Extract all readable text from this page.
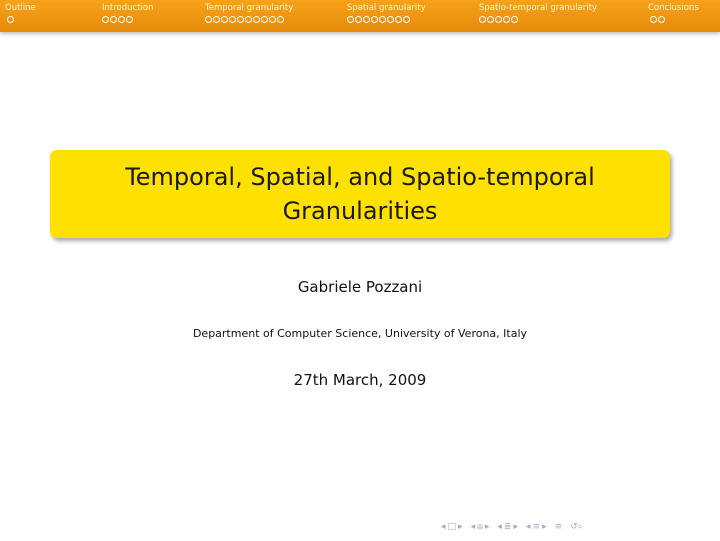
Outline	Introduction	Temporal granularity	Spatial granularity	Spatio-temporal granularity	Conclusions
Temporal, Spatial, and Spatio-temporal Granularities
Gabriele Pozzani
Department of Computer Science, University of Verona, Italy
27th March, 2009
◂ □ ▸ ◂ ⧈ ▸ ◂ ≣ ▸ ◂ ≡ ▸ ≡ ↺⌕
